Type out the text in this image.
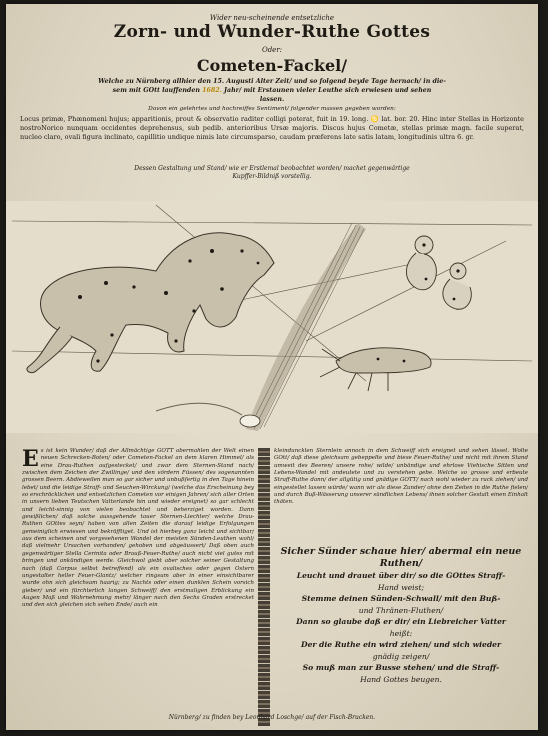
Wider neu-scheinende entsetzliche
Zorn- und Wunder-Ruthe Gottes
Oder:
Cometen-Fackel/
Welche zu Nürnberg allhier den 15. Augusti Alter Zeit/ und so folgend beyde Tage hernach/ in die-
sem mit GOtt lauffenden 1682. Jahr/ mit Erstaunen vieler Leuthe sich erwiesen und sehen
lassen.
Davon ein gelehrtes und hochreiffes Sentiment/ folgender massen gegeben worden:
Locus primæ, Phænomeni hujus; apparitionis, prout & observatio raditer colligi poterat, fuit in 19. long. ♋ lat. bor. 20. Hinc inter Stellas in Horizonte nostroNorico nunquam occidentes deprehensus, sub pedib. anterioribus Ursæ majoris. Discus hujus Cometæ, stellas primæ magn. facile superat, nucleo claro, ovali figura inclinato, capillitio undique nimis late circumsparso, caudam præferens late satis latam, longitudinis ultra 6. gr.
Dessen Gestaltung und Stand/ wie er Erstlemal beobachtet worden/ machet gegenwärtige
Kupffer-Bildniß vorstellig.
Es ist kein Wunder/ daß der Allmächtige GOTT abermahlen der Welt einen neuen Schrecken-Boten/ oder Cometen-Fackel an dem klaren Himmel/ als eine Drau-Ruthen aufgestecket/ und zwar dem Sternen-Stand nach/ zwischen dem Zeichen der Zwillinge/ und den vördern Füssen/ des sogenannten grossen Beern. Abdieweilen man so gar sicher und unbußfertig in den Tage hinein lebet/ und die leidige Straff- und Seuchen-Wirckung/ (welche das Erscheinung bey so erschröcklichen und entsetzlichen Cometen vor einigen Jahren/ sich aller Orten in unsern lieben Teutschen Vatterlande hin und wieder ereignet) so gar schlecht und leicht-sinnig von vielen beobachtet und beherziget worden. Dann gewißlichen/ daß solche aussgehende tauer Sternen-Liechter/ welche Drau-Ruthen GOttes seyn/ haben von allen Zeiten die darauf leidige Erfolgungen gemeiniglich erwiesen und bekräfftiget. Und ist hierbey ganz leicht und sichtbar/ aus dem scheinen und vorgesehenen Wandel der meisten Sünden-Leuthen wohl/ daß vielmehr Ursachen vorhanden/ gehoben und abgeäussert/ Daß oben auch gegenwärtiger Stella Cerinita oder Brauß-Feuer-Ruthe/ auch nicht viel gutes mit bringen und ankündigen werde. Gleichwol giebt aber solcher seiner Gestaltung nach (daß Corpus selbst betreffend) als ein ovalisches oder gegen Ostern ungestalter heller Feuer-Glantz/ welcher ringsum aber in einer einsichtbarer wurde ohn sich gleichsam haarig; zu Nachts oder einen dunklen Schein vorsich gieber/ und ein fürchterlich langen Schweiff/ den erstmaligen Erblickung ein Augen Maß und Wahrnehmung mehr/ länger nach den Sechs Graden erstrecket und den sich gleichen sich sehen Ende/ auch ein
kleinduncklen Sternlein annoch in dem Schweiff sich ereignet und sehen lässet. Wolte GOtt/ daß diese gleichsam gebeppelte und biese Feuer-Ruthe/ und nicht mit ihrem Stand umweit des Beeren/ unsere rohe/ wilde/ unbändige und ehrlose Viehische Sitten und Lebens-Wandel mit andeutete und zu verstehen gebe. Welche so grosse und erbeute Straff-Ruthe dann/ der allgütig und gnädige GOTT/ nach wohl wieder zu ruck ziehen/ und eingestellet lassen würde/ wann wir als diese Zunder/ ohne den Zeiten in die Ruthe fielen/ und durch Buß-Wässerung unserer sündlichen Lebens/ ihnen solcher Gestalt einen Einhalt thäten.
Sicher Sünder schaue hier/ abermal ein neue Ruthen/
Leucht und drauet über dir/ so die GOttes Straff-
Hand weist;
Stemme deinen Sünden-Schwall/ mit den Buß-
und Thränen-Fluthen/
Dann so glaube daß er dir/ ein Liebreicher Vatter
heißt:
Der die Ruthe ein wird ziehen/ und sich wieder
gnädig zeigen/
So muß man zur Busse stehen/ und die Straff-
Hand Gottes beugen.
Nürnberg/ zu finden bey Leonhard Loschge/ auf der Fisch-Brucken.
